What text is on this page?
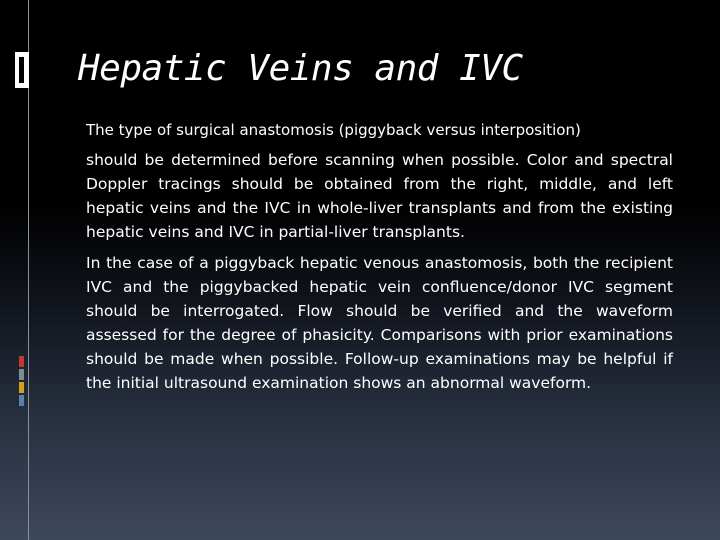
Hepatic Veins and IVC

The type of surgical anastomosis (piggyback versus interposition)

should be determined before scanning when possible. Color and spectral Doppler tracings should be obtained from the right, middle, and left hepatic veins and the IVC in whole-liver transplants and from the existing hepatic veins and IVC in partial-liver transplants.

In the case of a piggyback hepatic venous anastomosis, both the recipient IVC and the piggybacked hepatic vein confluence/donor IVC segment should be interrogated. Flow should be verified and the waveform assessed for the degree of phasicity. Comparisons with prior examinations should be made when possible. Follow-up examinations may be helpful if the initial ultrasound examination shows an abnormal waveform.
